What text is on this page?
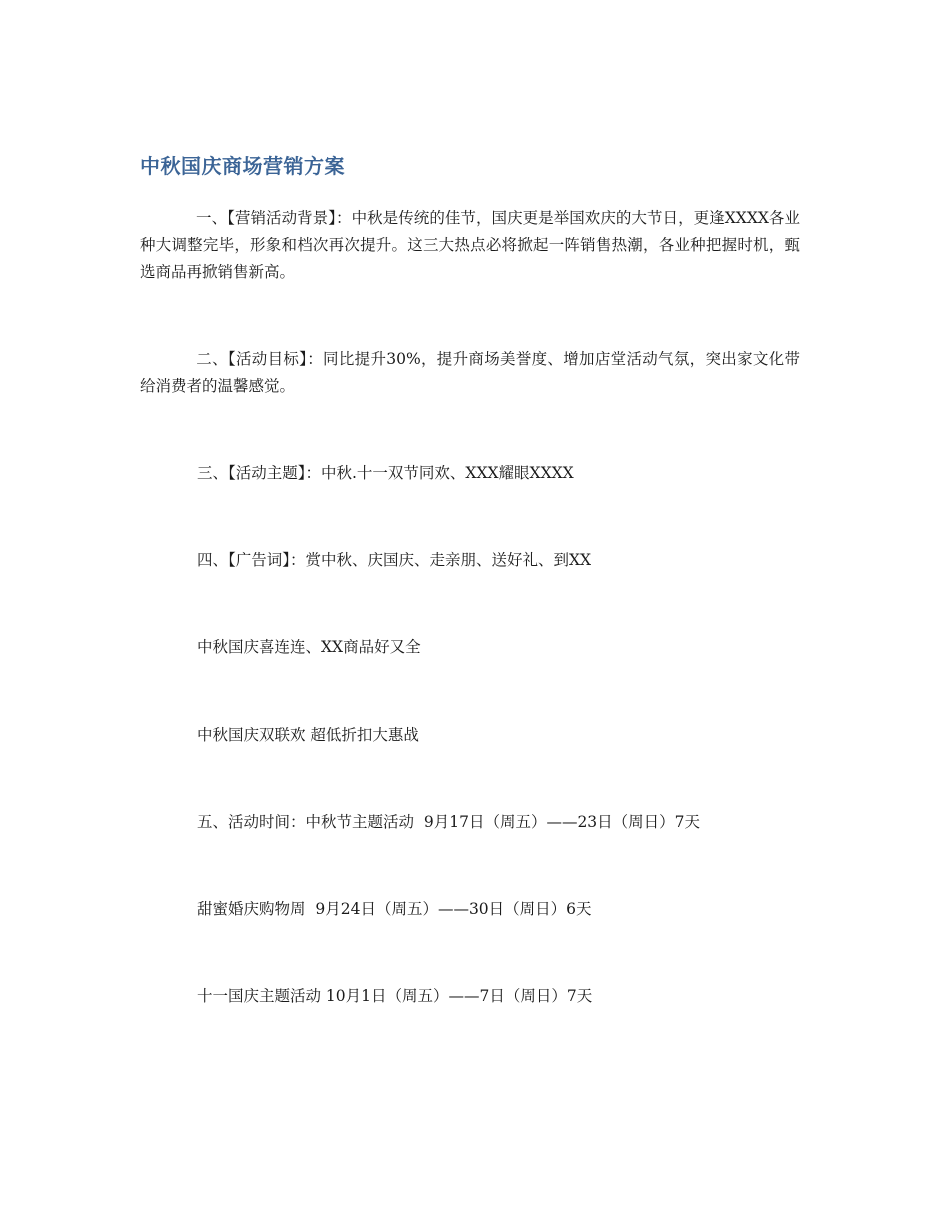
中秋国庆商场营销方案
一、【营销活动背景】：中秋是传统的佳节，国庆更是举国欢庆的大节日，更逢XXXX各业种大调整完毕，形象和档次再次提升。这三大热点必将掀起一阵销售热潮，各业种把握时机，甄选商品再掀销售新高。
二、【活动目标】：同比提升30%，提升商场美誉度、增加店堂活动气氛，突出家文化带给消费者的温馨感觉。
三、【活动主题】：中秋.十一双节同欢、XXX耀眼XXXX
四、【广告词】：赏中秋、庆国庆、走亲朋、送好礼、到XX
中秋国庆喜连连、XX商品好又全
中秋国庆双联欢 超低折扣大惠战
五、活动时间：中秋节主题活动  9月17日（周五）——23日（周日）7天
甜蜜婚庆购物周  9月24日（周五）——30日（周日）6天
十一国庆主题活动 10月1日（周五）——7日（周日）7天
